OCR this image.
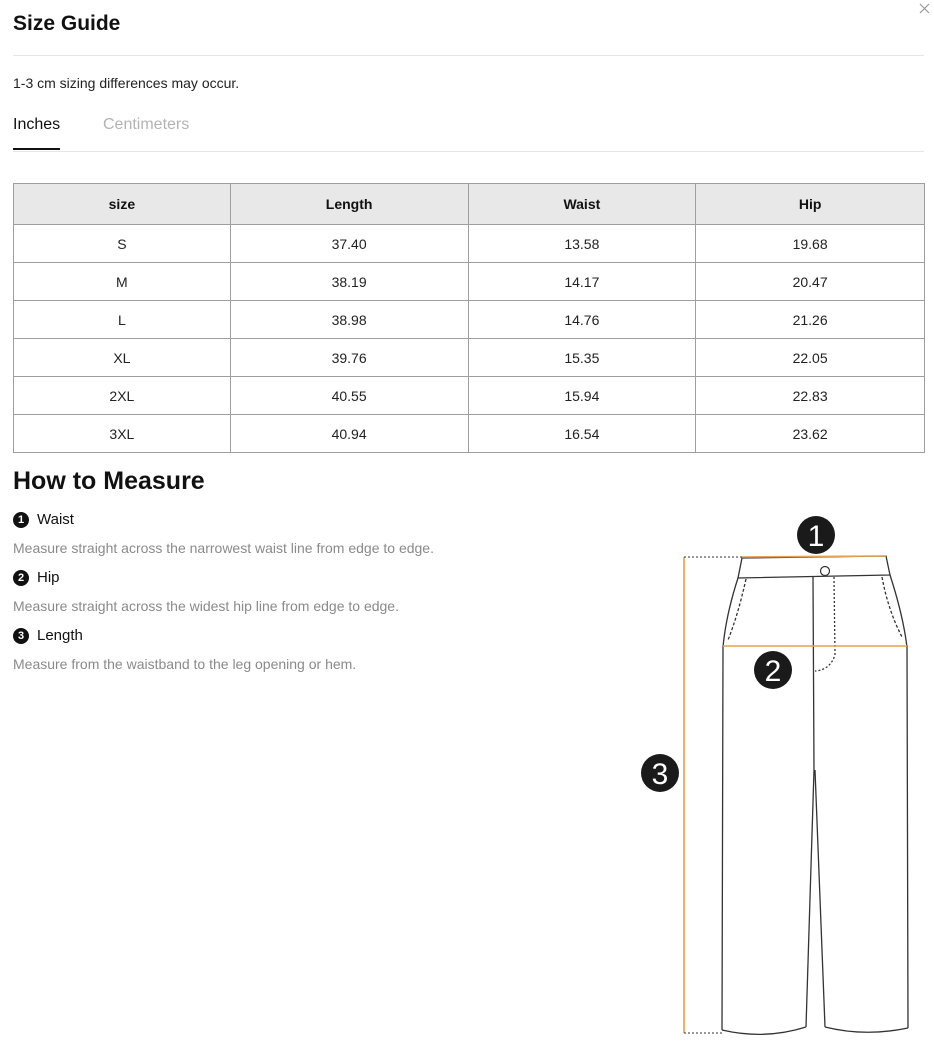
Size Guide
1-3 cm sizing differences may occur.
Inches	Centimeters
size	Length	Waist	Hip
S	37.40	13.58	19.68
M	38.19	14.17	20.47
L	38.98	14.76	21.26
XL	39.76	15.35	22.05
2XL	40.55	15.94	22.83
3XL	40.94	16.54	23.62
How to Measure
1 Waist
Measure straight across the narrowest waist line from edge to edge.
2 Hip
Measure straight across the widest hip line from edge to edge.
3 Length
Measure from the waistband to the leg opening or hem.
1
2
3
